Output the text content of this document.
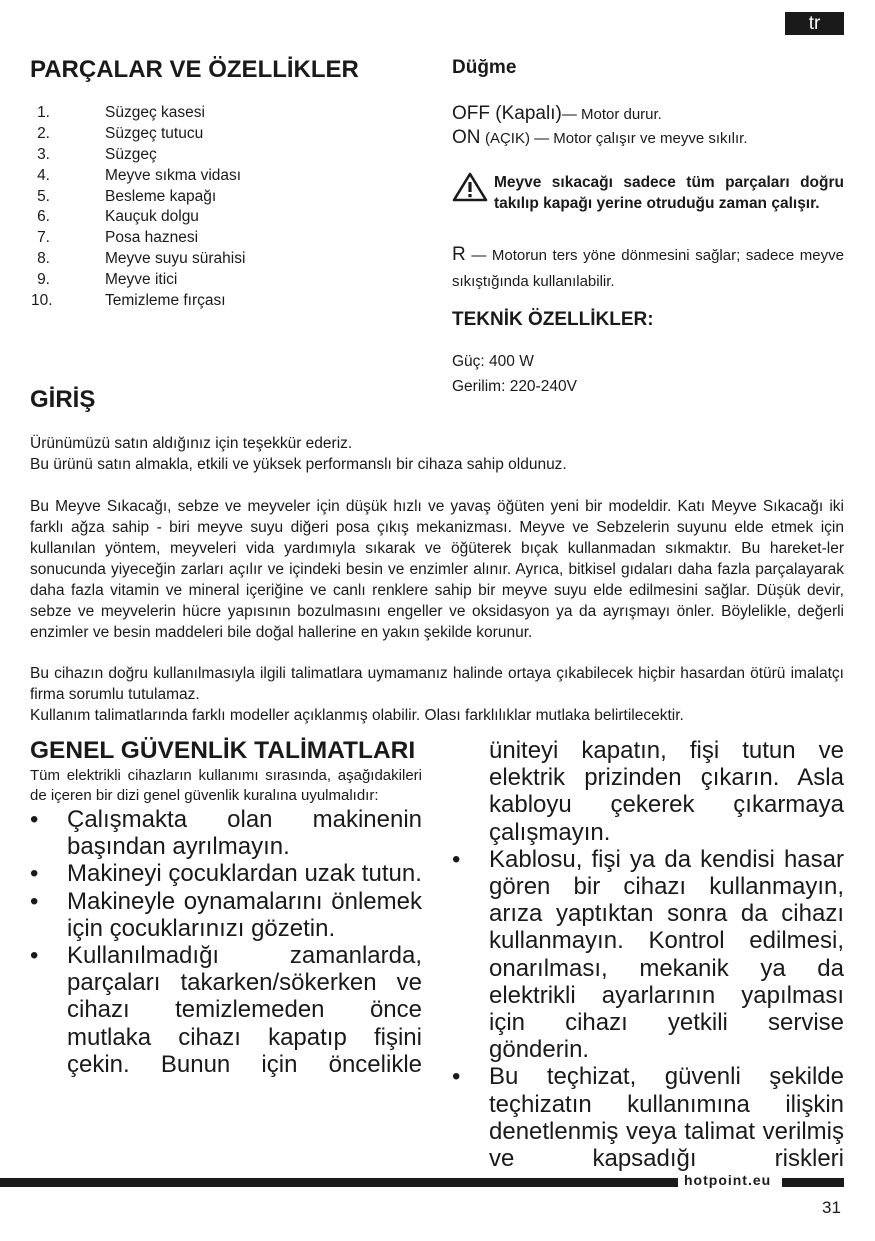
tr
PARÇALAR VE ÖZELLİKLER
1.	Süzgeç kasesi
2.	Süzgeç tutucu
3.	Süzgeç
4.	Meyve sıkma vidası
5.	Besleme kapağı
6.	Kauçuk dolgu
7.	Posa haznesi
8.	Meyve suyu sürahisi
9.	Meyve itici
10.	Temizleme fırçası
Düğme
OFF (Kapalı)— Motor durur.
ON (AÇIK) — Motor çalışır ve meyve sıkılır.
Meyve sıkacağı sadece tüm parçaları doğru takılıp kapağı yerine otruduğu zaman çalışır.
R — Motorun ters yöne dönmesini sağlar; sadece meyve sıkıştığında kullanılabilir.
TEKNİK ÖZELLİKLER:
Güç: 400 W
Gerilim: 220-240V
GİRİŞ

Ürünümüzü satın aldığınız için teşekkür ederiz.

Bu ürünü satın almakla, etkili ve yüksek performanslı bir cihaza sahip oldunuz.

Bu Meyve Sıkacağı, sebze ve meyveler için düşük hızlı ve yavaş öğüten yeni bir modeldir. Katı Meyve Sıkacağı iki farklı ağza sahip - biri meyve suyu diğeri posa çıkış mekanizması. Meyve ve Sebzelerin suyunu elde etmek için kullanılan yöntem, meyveleri vida yardımıyla sıkarak ve öğüterek bıçak kullanmadan sıkmaktır. Bu hareket-ler sonucunda yiyeceğin zarları açılır ve içindeki besin ve enzimler alınır. Ayrıca, bitkisel gıdaları daha fazla parçalayarak daha fazla vitamin ve mineral içeriğine ve canlı renklere sahip bir meyve suyu elde edilmesini sağlar. Düşük devir, sebze ve meyvelerin hücre yapısının bozulmasını engeller ve oksidasyon ya da ayrışmayı önler. Böylelikle, değerli enzimler ve besin maddeleri bile doğal hallerine en yakın şekilde korunur.

Bu cihazın doğru kullanılmasıyla ilgili talimatlara uymamanız halinde ortaya çıkabilecek hiçbir hasardan ötürü imalatçı firma sorumlu tutulamaz.

Kullanım talimatlarında farklı modeller açıklanmış olabilir. Olası farklılıklar mutlaka belirtilecektir.

GENEL GÜVENLİK TALİMATLARI
Tüm elektrikli cihazların kullanımı sırasında, aşağıdakileri de içeren bir dizi genel güvenlik kuralına uyulmalıdır:
•	Çalışmakta olan makinenin başından ayrılmayın.
•	Makineyi çocuklardan uzak tutun.
•	Makineyle oynamalarını önlemek için çocuklarınızı gözetin.
•	Kullanılmadığı zamanlarda, parçaları takarken/sökerken ve cihazı temizlemeden önce mutlaka cihazı kapatıp fişini çekin. Bunun için öncelikle
üniteyi kapatın, fişi tutun ve elektrik prizinden çıkarın. Asla kabloyu çekerek çıkarmaya çalışmayın.
•	Kablosu, fişi ya da kendisi hasar gören bir cihazı kullanmayın, arıza yaptıktan sonra da cihazı kullanmayın. Kontrol edilmesi, onarılması, mekanik ya da elektrikli ayarlarının yapılması için cihazı yetkili servise gönderin.
•	Bu teçhizat, güvenli şekilde teçhizatın kullanımına ilişkin denetlenmiş veya talimat verilmiş ve kapsadığı riskleri
hotpoint.eu
31
